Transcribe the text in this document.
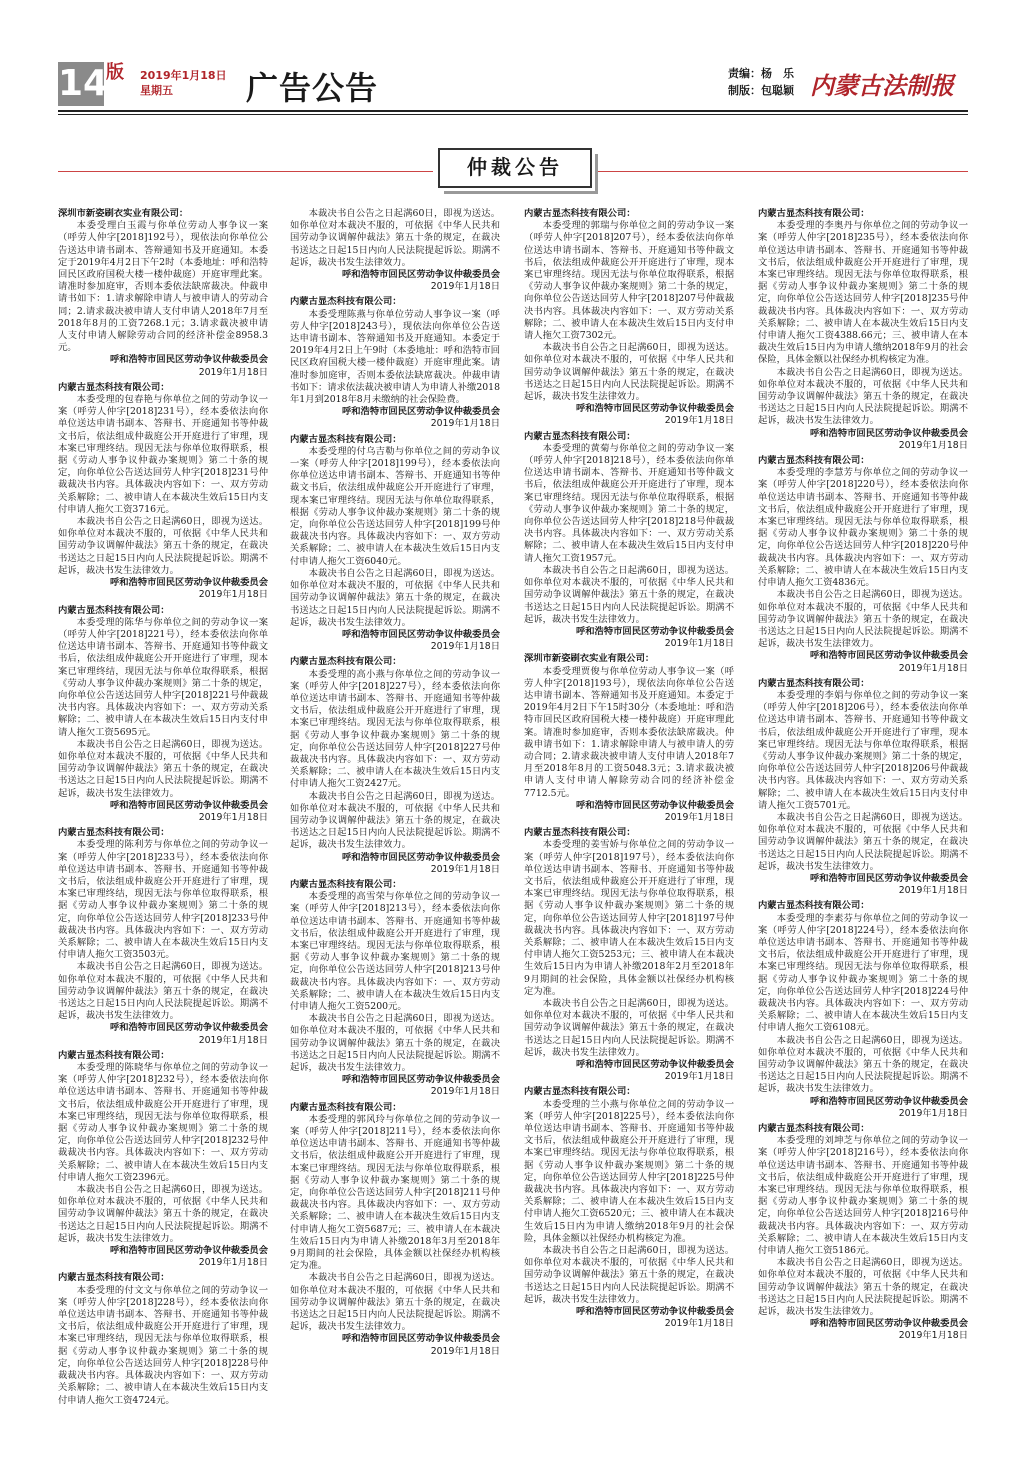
14
版 2019年1月18日
星期五	广告公告	责编：杨　乐
制版：包聪颖 内蒙古法制报
仲裁公告
深圳市新姿刷衣实业有限公司：
本委受理白玉霞与你单位劳动人事争议一案（呼劳人仲字[2018]192号），现依法向你单位公告送达申请书副本、答辩通知书及开庭通知。本委定于2019年4月2日下午2时（本委地址：呼和浩特回民区政府国税大楼一楼仲裁庭）开庭审理此案。请准时参加庭审，否则本委依法缺席裁决。仲裁申请书如下：1.请求解除申请人与被申请人的劳动合同；2.请求裁决被申请人支付申请人2018年7月至2018年8月的工资7268.1元；3.请求裁决被申请人支付申请人解除劳动合同的经济补偿金8958.3元。
呼和浩特市回民区劳动争议仲裁委员会
2019年1月18日
内蒙古显杰科技有限公司：
本委受理的包春艳与你单位之间的劳动争议一案（呼劳人仲字[2018]231号），经本委依法向你单位送达申请书副本、答辩书、开庭通知书等仲裁文书后，依法组成仲裁庭公开开庭进行了审理，现本案已审理终结。现因无法与你单位取得联系，根据《劳动人事争议仲裁办案规则》第二十条的规定，向你单位公告送达回劳人仲字[2018]231号仲裁裁决书内容。具体裁决内容如下：一、双方劳动关系解除；二、被申请人在本裁决生效后15日内支付申请人拖欠工资3716元。
本裁决书自公告之日起满60日，即视为送达。如你单位对本裁决不服的，可依据《中华人民共和国劳动争议调解仲裁法》第五十条的规定，在裁决书送达之日起15日内向人民法院提起诉讼。期满不起诉，裁决书发生法律效力。
呼和浩特市回民区劳动争议仲裁委员会
2019年1月18日
内蒙古显杰科技有限公司：
本委受理的陈华与你单位之间的劳动争议一案（呼劳人仲字[2018]221号），经本委依法向你单位送达申请书副本、答辩书、开庭通知书等仲裁文书后，依法组成仲裁庭公开开庭进行了审理，现本案已审理终结，现因无法与你单位取得联系，根据《劳动人事争议仲裁办案规则》第二十条的规定，向你单位公告送达回劳人仲字[2018]221号仲裁裁决书内容。具体裁决内容如下：一、双方劳动关系解除；二、被申请人在本裁决生效后15日内支付申请人拖欠工资5695元。
本裁决书自公告之日起满60日，即视为送达。如你单位对本裁决不服的，可依据《中华人民共和国劳动争议调解仲裁法》第五十条的规定，在裁决书送达之日起15日内向人民法院提起诉讼。期满不起诉，裁决书发生法律效力。
呼和浩特市回民区劳动争议仲裁委员会
2019年1月18日
内蒙古显杰科技有限公司：
本委受理的陈利芳与你单位之间的劳动争议一案（呼劳人仲字[2018]233号），经本委依法向你单位送达申请书副本、答辩书、开庭通知书等仲裁文书后，依法组成仲裁庭公开开庭进行了审理，现本案已审理终结，现因无法与你单位取得联系，根据《劳动人事争议仲裁办案规则》第二十条的规定，向你单位公告送达回劳人仲字[2018]233号仲裁裁决书内容。具体裁决内容如下：一、双方劳动关系解除；二、被申请人在本裁决生效后15日内支付申请人拖欠工资3503元。
本裁决书自公告之日起满60日，即视为送达。如你单位对本裁决不服的，可依据《中华人民共和国劳动争议调解仲裁法》第五十条的规定，在裁决书送达之日起15日内向人民法院提起诉讼。期满不起诉，裁决书发生法律效力。
呼和浩特市回民区劳动争议仲裁委员会
2019年1月18日
内蒙古显杰科技有限公司：
本委受理的陈晓华与你单位之间的劳动争议一案（呼劳人仲字[2018]232号），经本委依法向你单位送达申请书副本、答辩书、开庭通知书等仲裁文书后，依法组成仲裁庭公开开庭进行了审理，现本案已审理终结，现因无法与你单位取得联系，根据《劳动人事争议仲裁办案规则》第二十条的规定，向你单位公告送达回劳人仲字[2018]232号仲裁裁决书内容。具体裁决内容如下：一、双方劳动关系解除；二、被申请人在本裁决生效后15日内支付申请人拖欠工资2396元。
本裁决书自公告之日起满60日，即视为送达。如你单位对本裁决不服的，可依据《中华人民共和国劳动争议调解仲裁法》第五十条的规定，在裁决书送达之日起15日内向人民法院提起诉讼。期满不起诉，裁决书发生法律效力。
呼和浩特市回民区劳动争议仲裁委员会
2019年1月18日
内蒙古显杰科技有限公司：
本委受理的付文文与你单位之间的劳动争议一案（呼劳人仲字[2018]228号），经本委依法向你单位送达申请书副本、答辩书、开庭通知书等仲裁文书后，依法组成仲裁庭公开开庭进行了审理，现本案已审理终结，现因无法与你单位取得联系，根据《劳动人事争议仲裁办案规则》第二十条的规定，向你单位公告送达回劳人仲字[2018]228号仲裁裁决书内容。具体裁决内容如下：一、双方劳动关系解除；二、被申请人在本裁决生效后15日内支付申请人拖欠工资4724元。
本裁决书自公告之日起满60日，即视为送达。如你单位对本裁决不服的，可依据《中华人民共和国劳动争议调解仲裁法》第五十条的规定，在裁决书送达之日起15日内向人民法院提起诉讼。期满不起诉，裁决书发生法律效力。
呼和浩特市回民区劳动争议仲裁委员会
2019年1月18日
内蒙古显杰科技有限公司：
本委受理陈燕与你单位劳动人事争议一案（呼劳人仲字[2018]243号），现依法向你单位公告送达申请书副本、答辩通知书及开庭通知。本委定于2019年4月2日上午9时（本委地址：呼和浩特市回民区政府国税大楼一楼仲裁庭）开庭审理此案。请准时参加庭审，否则本委依法缺席裁决。仲裁申请书如下：请求依法裁决被申请人为申请人补缴2018年1月到2018年8月未缴纳的社会保险费。
呼和浩特市回民区劳动争议仲裁委员会
2019年1月18日
内蒙古显杰科技有限公司：
本委受理的付乌吉勒与你单位之间的劳动争议一案（呼劳人仲字[2018]199号），经本委依法向你单位送达申请书副本、答辩书、开庭通知书等仲裁文书后，依法组成仲裁庭公开开庭进行了审理，现本案已审理终结。现因无法与你单位取得联系，根据《劳动人事争议仲裁办案规则》第二十条的规定，向你单位公告送达回劳人仲字[2018]199号仲裁裁决书内容。具体裁决内容如下：一、双方劳动关系解除；二、被申请人在本裁决生效后15日内支付申请人拖欠工资6040元。
本裁决书自公告之日起满60日，即视为送达。如你单位对本裁决不服的，可依据《中华人民共和国劳动争议调解仲裁法》第五十条的规定，在裁决书送达之日起15日内向人民法院提起诉讼。期满不起诉，裁决书发生法律效力。
呼和浩特市回民区劳动争议仲裁委员会
2019年1月18日
内蒙古显杰科技有限公司：
本委受理的高小燕与你单位之间的劳动争议一案（呼劳人仲字[2018]227号），经本委依法向你单位送达申请书副本、答辩书、开庭通知书等仲裁文书后，依法组成仲裁庭公开开庭进行了审理，现本案已审理终结。现因无法与你单位取得联系，根据《劳动人事争议仲裁办案规则》第二十条的规定，向你单位公告送达回劳人仲字[2018]227号仲裁裁决书内容。具体裁决内容如下：一、双方劳动关系解除；二、被申请人在本裁决生效后15日内支付申请人拖欠工资2427元。
本裁决书自公告之日起满60日，即视为送达。如你单位对本裁决不服的，可依据《中华人民共和国劳动争议调解仲裁法》第五十条的规定，在裁决书送达之日起15日内向人民法院提起诉讼。期满不起诉，裁决书发生法律效力。
呼和浩特市回民区劳动争议仲裁委员会
2019年1月18日
内蒙古显杰科技有限公司：
本委受理的高雪荣与你单位之间的劳动争议一案（呼劳人仲字[2018]213号），经本委依法向你单位送达申请书副本、答辩书、开庭通知书等仲裁文书后，依法组成仲裁庭公开开庭进行了审理，现本案已审理终结。现因无法与你单位取得联系，根据《劳动人事争议仲裁办案规则》第二十条的规定，向你单位公告送达回劳人仲字[2018]213号仲裁裁决书内容。具体裁决内容如下：一、双方劳动关系解除；二、被申请人在本裁决生效后15日内支付申请人拖欠工资5200元。
本裁决书自公告之日起满60日，即视为送达。如你单位对本裁决不服的，可依据《中华人民共和国劳动争议调解仲裁法》第五十条的规定，在裁决书送达之日起15日内向人民法院提起诉讼。期满不起诉，裁决书发生法律效力。
呼和浩特市回民区劳动争议仲裁委员会
2019年1月18日
内蒙古显杰科技有限公司：
本委受理的郭风玲与你单位之间的劳动争议一案（呼劳人仲字[2018]211号），经本委依法向你单位送达申请书副本、答辩书、开庭通知书等仲裁文书后，依法组成仲裁庭公开开庭进行了审理，现本案已审理终结。现因无法与你单位取得联系，根据《劳动人事争议仲裁办案规则》第二十条的规定，向你单位公告送达回劳人仲字[2018]211号仲裁裁决书内容。具体裁决内容如下：一、双方劳动关系解除；二、被申请人在本裁决生效后15日内支付申请人拖欠工资5687元；三、被申请人在本裁决生效后15日内为申请人补缴2018年3月至2018年9月期间的社会保险，具体金额以社保经办机构核定为准。
本裁决书自公告之日起满60日，即视为送达。如你单位对本裁决不服的，可依据《中华人民共和国劳动争议调解仲裁法》第五十条的规定，在裁决书送达之日起15日内向人民法院提起诉讼。期满不起诉，裁决书发生法律效力。
呼和浩特市回民区劳动争议仲裁委员会
2019年1月18日
内蒙古显杰科技有限公司：
本委受理的郭瑞与你单位之间的劳动争议一案（呼劳人仲字[2018]207号），经本委依法向你单位送达申请书副本、答辩书、开庭通知书等仲裁文书后，依法组成仲裁庭公开开庭进行了审理，现本案已审理终结。现因无法与你单位取得联系，根据《劳动人事争议仲裁办案规则》第二十条的规定，向你单位公告送达回劳人仲字[2018]207号仲裁裁决书内容。具体裁决内容如下：一、双方劳动关系解除；二、被申请人在本裁决生效后15日内支付申请人拖欠工资7302元。
本裁决书自公告之日起满60日，即视为送达。如你单位对本裁决不服的，可依据《中华人民共和国劳动争议调解仲裁法》第五十条的规定，在裁决书送达之日起15日内向人民法院提起诉讼。期满不起诉，裁决书发生法律效力。
呼和浩特市回民区劳动争议仲裁委员会
2019年1月18日
内蒙古显杰科技有限公司：
本委受理的黄菊与你单位之间的劳动争议一案（呼劳人仲字[2018]218号），经本委依法向你单位送达申请书副本、答辩书、开庭通知书等仲裁文书后，依法组成仲裁庭公开开庭进行了审理，现本案已审理终结。现因无法与你单位取得联系，根据《劳动人事争议仲裁办案规则》第二十条的规定，向你单位公告送达回劳人仲字[2018]218号仲裁裁决书内容。具体裁决内容如下：一、双方劳动关系解除；二、被申请人在本裁决生效后15日内支付申请人拖欠工资1957元。
本裁决书自公告之日起满60日，即视为送达。如你单位对本裁决不服的，可依据《中华人民共和国劳动争议调解仲裁法》第五十条的规定，在裁决书送达之日起15日内向人民法院提起诉讼。期满不起诉，裁决书发生法律效力。
呼和浩特市回民区劳动争议仲裁委员会
2019年1月18日
深圳市新姿刷衣实业有限公司：
本委受理贾俊与你单位劳动人事争议一案（呼劳人仲字[2018]193号），现依法向你单位公告送达申请书副本、答辩通知书及开庭通知。本委定于2019年4月2日下午15时30分（本委地址：呼和浩特市回民区政府国税大楼一楼仲裁庭）开庭审理此案。请准时参加庭审，否则本委依法缺席裁决。仲裁申请书如下：1.请求解除申请人与被申请人的劳动合同；2.请求裁决被申请人支付申请人2018年7月至2018年8月的工资5048.3元；3.请求裁决被申请人支付申请人解除劳动合同的经济补偿金7712.5元。
呼和浩特市回民区劳动争议仲裁委员会
2019年1月18日
内蒙古显杰科技有限公司：
本委受理的姜雪娇与你单位之间的劳动争议一案（呼劳人仲字[2018]197号），经本委依法向你单位送达申请书副本、答辩书、开庭通知书等仲裁文书后，依法组成仲裁庭公开开庭进行了审理，现本案已审理终结。现因无法与你单位取得联系，根据《劳动人事争议仲裁办案规则》第二十条的规定，向你单位公告送达回劳人仲字[2018]197号仲裁裁决书内容。具体裁决内容如下：一、双方劳动关系解除；二、被申请人在本裁决生效后15日内支付申请人拖欠工资5253元；三、被申请人在本裁决生效后15日内为申请人补缴2018年2月至2018年9月期间的社会保险，具体金额以社保经办机构核定为准。
本裁决书自公告之日起满60日，即视为送达。如你单位对本裁决不服的，可依据《中华人民共和国劳动争议调解仲裁法》第五十条的规定，在裁决书送达之日起15日内向人民法院提起诉讼。期满不起诉，裁决书发生法律效力。
呼和浩特市回民区劳动争议仲裁委员会
2019年1月18日
内蒙古显杰科技有限公司：
本委受理的兰小燕与你单位之间的劳动争议一案（呼劳人仲字[2018]225号），经本委依法向你单位送达申请书副本、答辩书、开庭通知书等仲裁文书后，依法组成仲裁庭公开开庭进行了审理，现本案已审理终结。现因无法与你单位取得联系，根据《劳动人事争议仲裁办案规则》第二十条的规定，向你单位公告送达回劳人仲字[2018]225号仲裁裁决书内容。具体裁决内容如下：一、双方劳动关系解除；二、被申请人在本裁决生效后15日内支付申请人拖欠工资6520元；三、被申请人在本裁决生效后15日内为申请人缴纳2018年9月的社会保险，具体金额以社保经办机构核定为准。
本裁决书自公告之日起满60日，即视为送达。如你单位对本裁决不服的，可依据《中华人民共和国劳动争议调解仲裁法》第五十条的规定，在裁决书送达之日起15日内向人民法院提起诉讼。期满不起诉，裁决书发生法律效力。
呼和浩特市回民区劳动争议仲裁委员会
2019年1月18日
内蒙古显杰科技有限公司：
本委受理的李奥丹与你单位之间的劳动争议一案（呼劳人仲字[2018]235号），经本委依法向你单位送达申请书副本、答辩书、开庭通知书等仲裁文书后，依法组成仲裁庭公开开庭进行了审理，现本案已审理终结。现因无法与你单位取得联系，根据《劳动人事争议仲裁办案规则》第二十条的规定，向你单位公告送达回劳人仲字[2018]235号仲裁裁决书内容。具体裁决内容如下：一、双方劳动关系解除；二、被申请人在本裁决生效后15日内支付申请人拖欠工资4388.66元；三、被申请人在本裁决生效后15日内为申请人缴纳2018年9月的社会保险，具体金额以社保经办机构核定为准。
本裁决书自公告之日起满60日，即视为送达。如你单位对本裁决不服的，可依据《中华人民共和国劳动争议调解仲裁法》第五十条的规定，在裁决书送达之日起15日内向人民法院提起诉讼。期满不起诉，裁决书发生法律效力。
呼和浩特市回民区劳动争议仲裁委员会
2019年1月18日
内蒙古显杰科技有限公司：
本委受理的李慧芳与你单位之间的劳动争议一案（呼劳人仲字[2018]220号），经本委依法向你单位送达申请书副本、答辩书、开庭通知书等仲裁文书后，依法组成仲裁庭公开开庭进行了审理，现本案已审理终结。现因无法与你单位取得联系，根据《劳动人事争议仲裁办案规则》第二十条的规定，向你单位公告送达回劳人仲字[2018]220号仲裁裁决书内容。具体裁决内容如下：一、双方劳动关系解除；二、被申请人在本裁决生效后15日内支付申请人拖欠工资4836元。
本裁决书自公告之日起满60日，即视为送达。如你单位对本裁决不服的，可依据《中华人民共和国劳动争议调解仲裁法》第五十条的规定，在裁决书送达之日起15日内向人民法院提起诉讼。期满不起诉，裁决书发生法律效力。
呼和浩特市回民区劳动争议仲裁委员会
2019年1月18日
内蒙古显杰科技有限公司：
本委受理的李娟与你单位之间的劳动争议一案（呼劳人仲字[2018]206号），经本委依法向你单位送达申请书副本、答辩书、开庭通知书等仲裁文书后，依法组成仲裁庭公开开庭进行了审理，现本案已审理终结。现因无法与你单位取得联系，根据《劳动人事争议仲裁办案规则》第二十条的规定，向你单位公告送达回劳人仲字[2018]206号仲裁裁决书内容。具体裁决内容如下：一、双方劳动关系解除；二、被申请人在本裁决生效后15日内支付申请人拖欠工资5701元。
本裁决书自公告之日起满60日，即视为送达。如你单位对本裁决不服的，可依据《中华人民共和国劳动争议调解仲裁法》第五十条的规定，在裁决书送达之日起15日内向人民法院提起诉讼。期满不起诉，裁决书发生法律效力。
呼和浩特市回民区劳动争议仲裁委员会
2019年1月18日
内蒙古显杰科技有限公司：
本委受理的李素芬与你单位之间的劳动争议一案（呼劳人仲字[2018]224号），经本委依法向你单位送达申请书副本、答辩书、开庭通知书等仲裁文书后，依法组成仲裁庭公开开庭进行了审理，现本案已审理终结。现因无法与你单位取得联系，根据《劳动人事争议仲裁办案规则》第二十条的规定，向你单位公告送达回劳人仲字[2018]224号仲裁裁决书内容。具体裁决内容如下：一、双方劳动关系解除；二、被申请人在本裁决生效后15日内支付申请人拖欠工资6108元。
本裁决书自公告之日起满60日，即视为送达。如你单位对本裁决不服的，可依据《中华人民共和国劳动争议调解仲裁法》第五十条的规定，在裁决书送达之日起15日内向人民法院提起诉讼。期满不起诉，裁决书发生法律效力。
呼和浩特市回民区劳动争议仲裁委员会
2019年1月18日
内蒙古显杰科技有限公司：
本委受理的刘坤芝与你单位之间的劳动争议一案（呼劳人仲字[2018]216号），经本委依法向你单位送达申请书副本、答辩书、开庭通知书等仲裁文书后，依法组成仲裁庭公开开庭进行了审理，现本案已审理终结。现因无法与你单位取得联系，根据《劳动人事争议仲裁办案规则》第二十条的规定，向你单位公告送达回劳人仲字[2018]216号仲裁裁决书内容。具体裁决内容如下：一、双方劳动关系解除；二、被申请人在本裁决生效后15日内支付申请人拖欠工资5186元。
本裁决书自公告之日起满60日，即视为送达。如你单位对本裁决不服的，可依据《中华人民共和国劳动争议调解仲裁法》第五十条的规定，在裁决书送达之日起15日内向人民法院提起诉讼。期满不起诉，裁决书发生法律效力。
呼和浩特市回民区劳动争议仲裁委员会
2019年1月18日
